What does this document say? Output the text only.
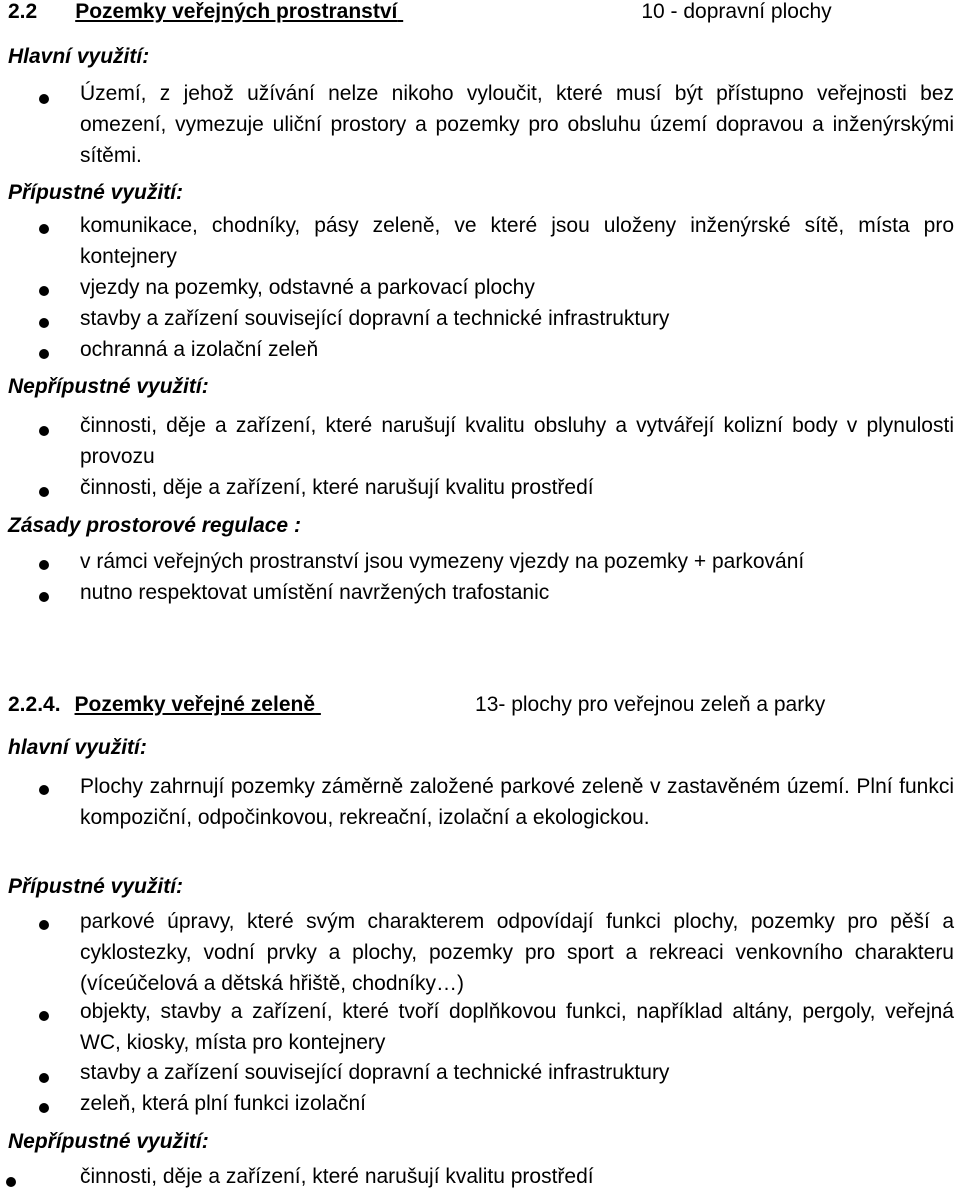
2.2 Pozemky veřejných prostranství	10 - dopravní plochy
Hlavní využití:
Území, z jehož užívání nelze nikoho vyloučit, které musí být přístupno veřejnosti bez omezení, vymezuje uliční prostory a pozemky pro obsluhu území dopravou a inženýrskými sítěmi.
Přípustné využití:
komunikace, chodníky, pásy zeleně, ve které jsou uloženy inženýrské sítě, místa pro kontejnery
vjezdy na pozemky, odstavné a parkovací plochy
stavby a zařízení související dopravní a technické infrastruktury
ochranná a izolační zeleň
Nepřípustné využití:
činnosti, děje a zařízení, které narušují kvalitu obsluhy a vytvářejí kolizní body v plynulosti provozu
činnosti, děje a zařízení, které narušují kvalitu prostředí
Zásady prostorové regulace :
v rámci veřejných prostranství jsou vymezeny vjezdy na pozemky + parkování
nutno respektovat umístění navržených trafostanic
2.2.4. Pozemky veřejné zeleně	13- plochy pro veřejnou zeleň a parky
hlavní využití:
Plochy zahrnují pozemky záměrně založené parkové zeleně v zastavěném území. Plní funkci kompoziční, odpočinkovou, rekreační, izolační a ekologickou.
Přípustné využití:
parkové úpravy, které svým charakterem odpovídají funkci plochy, pozemky pro pěší a cyklostezky, vodní prvky a plochy, pozemky pro sport a rekreaci venkovního charakteru (víceúčelová a dětská hřiště, chodníky…)
objekty, stavby a zařízení, které tvoří doplňkovou funkci, například altány, pergoly, veřejná WC, kiosky, místa pro kontejnery
stavby a zařízení související dopravní a technické infrastruktury
zeleň, která plní funkci izolační
Nepřípustné využití:
činnosti, děje a zařízení, které narušují kvalitu prostředí
